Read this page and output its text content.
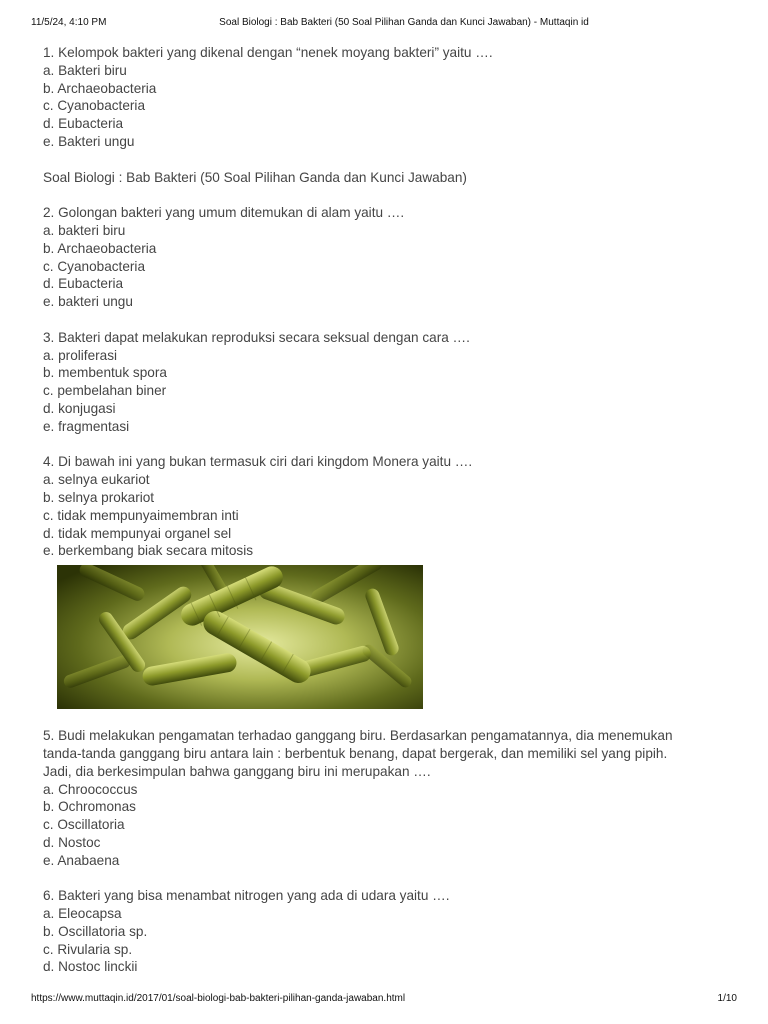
11/5/24, 4:10 PM	Soal Biologi : Bab Bakteri (50 Soal Pilihan Ganda dan Kunci Jawaban) - Muttaqin id

1. Kelompok bakteri yang dikenal dengan “nenek moyang bakteri” yaitu ….

a. Bakteri biru

b. Archaeobacteria

c. Cyanobacteria

d. Eubacteria

e. Bakteri ungu

Soal Biologi : Bab Bakteri (50 Soal Pilihan Ganda dan Kunci Jawaban)

2. Golongan bakteri yang umum ditemukan di alam yaitu ….

a. bakteri biru

b. Archaeobacteria

c. Cyanobacteria

d. Eubacteria

e. bakteri ungu

3. Bakteri dapat melakukan reproduksi secara seksual dengan cara ….

a. proliferasi

b. membentuk spora

c. pembelahan biner

d. konjugasi

e. fragmentasi

4. Di bawah ini yang bukan termasuk ciri dari kingdom Monera yaitu ….

a. selnya eukariot

b. selnya prokariot

c. tidak mempunyaimembran inti

d. tidak mempunyai organel sel

e. berkembang biak secara mitosis

5. Budi melakukan pengamatan terhadao ganggang biru. Berdasarkan pengamatannya, dia menemukan

tanda-tanda ganggang biru antara lain : berbentuk benang, dapat bergerak, dan memiliki sel yang pipih.

Jadi, dia berkesimpulan bahwa ganggang biru ini merupakan ….

a. Chroococcus

b. Ochromonas

c. Oscillatoria

d. Nostoc

e. Anabaena

6. Bakteri yang bisa menambat nitrogen yang ada di udara yaitu ….

a. Eleocapsa

b. Oscillatoria sp.

c. Rivularia sp.

d. Nostoc linckii

https://www.muttaqin.id/2017/01/soal-biologi-bab-bakteri-pilihan-ganda-jawaban.html	1/10
